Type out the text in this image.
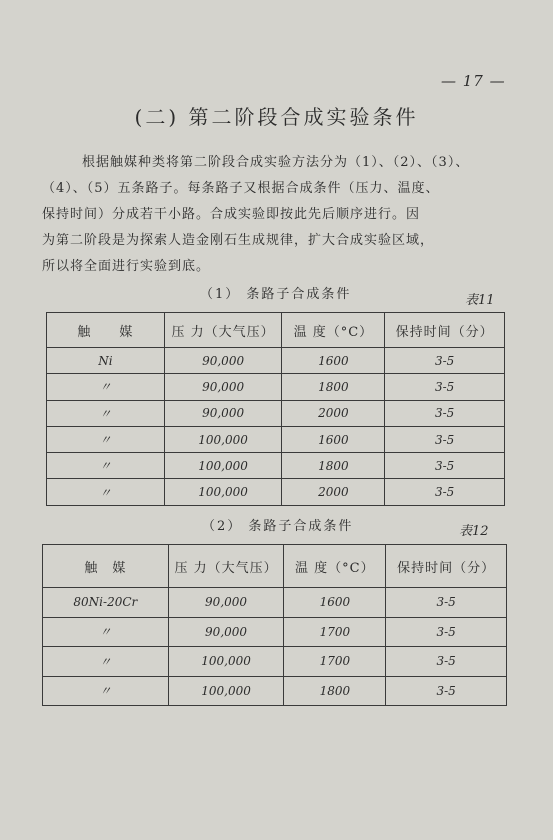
— 17 —
(二) 第二阶段合成实验条件
根据触媒种类将第二阶段合成实验方法分为（1）、（2）、（3）、
（4）、（5）五条路子。每条路子又根据合成条件（压力、温度、
保持时间）分成若干小路。合成实验即按此先后顺序进行。因
为第二阶段是为探索人造金刚石生成规律，扩大合成实验区域，
所以将全面进行实验到底。
（1） 条路子合成条件	表11
触　　媒	压 力（大气压）	温 度（°C）	保持时间（分）
Ni	90,000	1600	3-5
〃	90,000	1800	3-5
〃	90,000	2000	3-5
〃	100,000	1600	3-5
〃	100,000	1800	3-5
〃	100,000	2000	3-5
（2） 条路子合成条件	表12
触　媒	压 力（大气压）	温 度（°C）	保持时间（分）
80Ni-20Cr	90,000	1600	3-5
〃	90,000	1700	3-5
〃	100,000	1700	3-5
〃	100,000	1800	3-5
